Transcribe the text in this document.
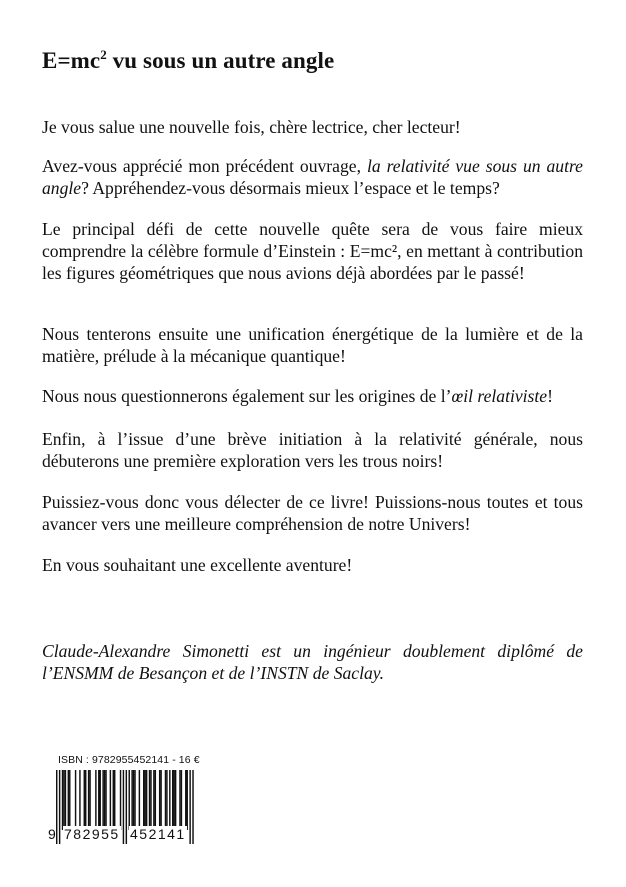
$E=mc^2$ vu sous un autre angle

Je vous salue une nouvelle fois, chère lectrice, cher lecteur!

Avez-vous apprécié mon précédent ouvrage, la relativité vue sous un autre angle? Appréhendez-vous désormais mieux l’espace et le temps?

Le principal défi de cette nouvelle quête sera de vous faire mieux comprendre la célèbre formule d’Einstein : E=mc², en mettant à contribution les figures géométriques que nous avions déjà abordées par le passé!

Nous tenterons ensuite une unification énergétique de la lumière et de la matière, prélude à la mécanique quantique!

Nous nous questionnerons également sur les origines de l’œil relativiste!

Enfin, à l’issue d’une brève initiation à la relativité générale, nous débuterons une première exploration vers les trous noirs!

Puissiez-vous donc vous délecter de ce livre! Puissions-nous toutes et tous avancer vers une meilleure compréhension de notre Univers!

En vous souhaitant une excellente aventure!

Claude-Alexandre Simonetti est un ingénieur doublement diplômé de l’ENSMM de Besançon et de l’INSTN de Saclay.

ISBN : 9782955452141 - 16 €
9 782955 452141
